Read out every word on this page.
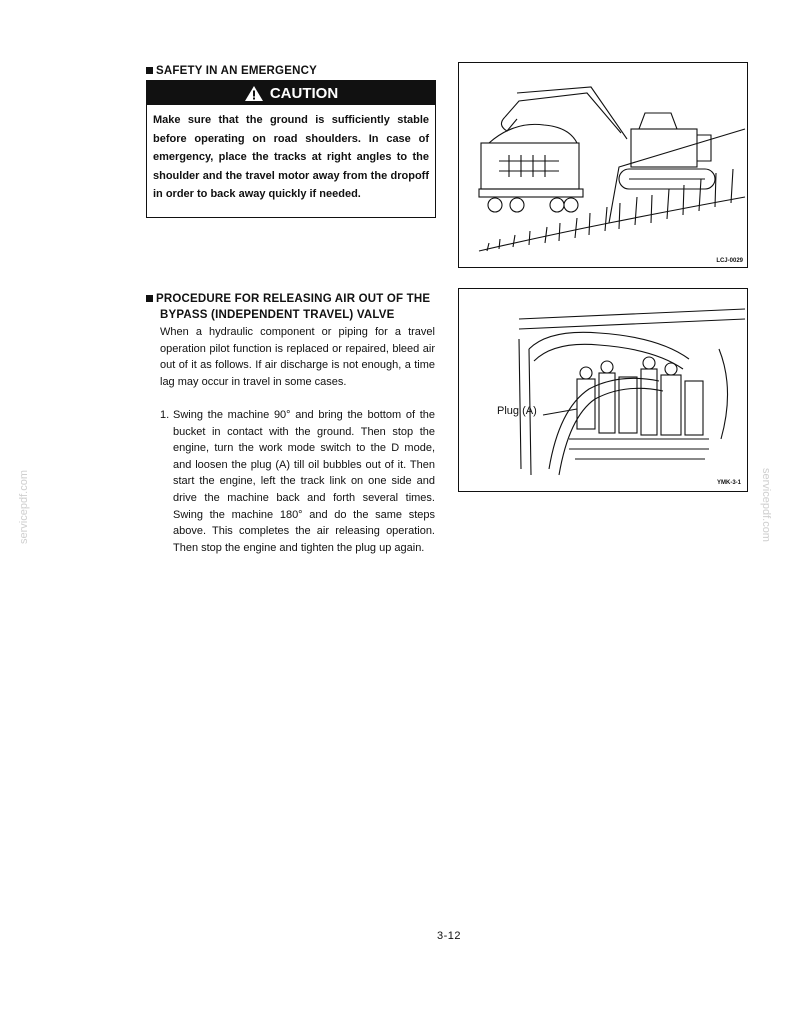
SAFETY IN AN EMERGENCY
CAUTION
Make sure that the ground is sufficiently stable before operating on road shoulders. In case of emergency, place the tracks at right angles to the shoulder and the travel motor away from the dropoff in order to back away quickly if needed.
LCJ-0029
PROCEDURE FOR RELEASING AIR OUT OF THE
BYPASS (INDEPENDENT TRAVEL) VALVE
When a hydraulic component or piping for a travel operation pilot function is replaced or repaired, bleed air out of it as follows. If air discharge is not enough, a time lag may occur in travel in some cases.
1. Swing the machine 90° and bring the bottom of the bucket in contact with the ground. Then stop the engine, turn the work mode switch to the D mode, and loosen the plug (A) till oil bubbles out of it. Then start the engine, left the track link on one side and drive the machine back and forth several times. Swing the machine 180° and do the same steps above. This completes the air releasing operation. Then stop the engine and tighten the plug up again.
Plug (A)
YMK-3-1
servicepdf.com	servicepdf.com
3-12
